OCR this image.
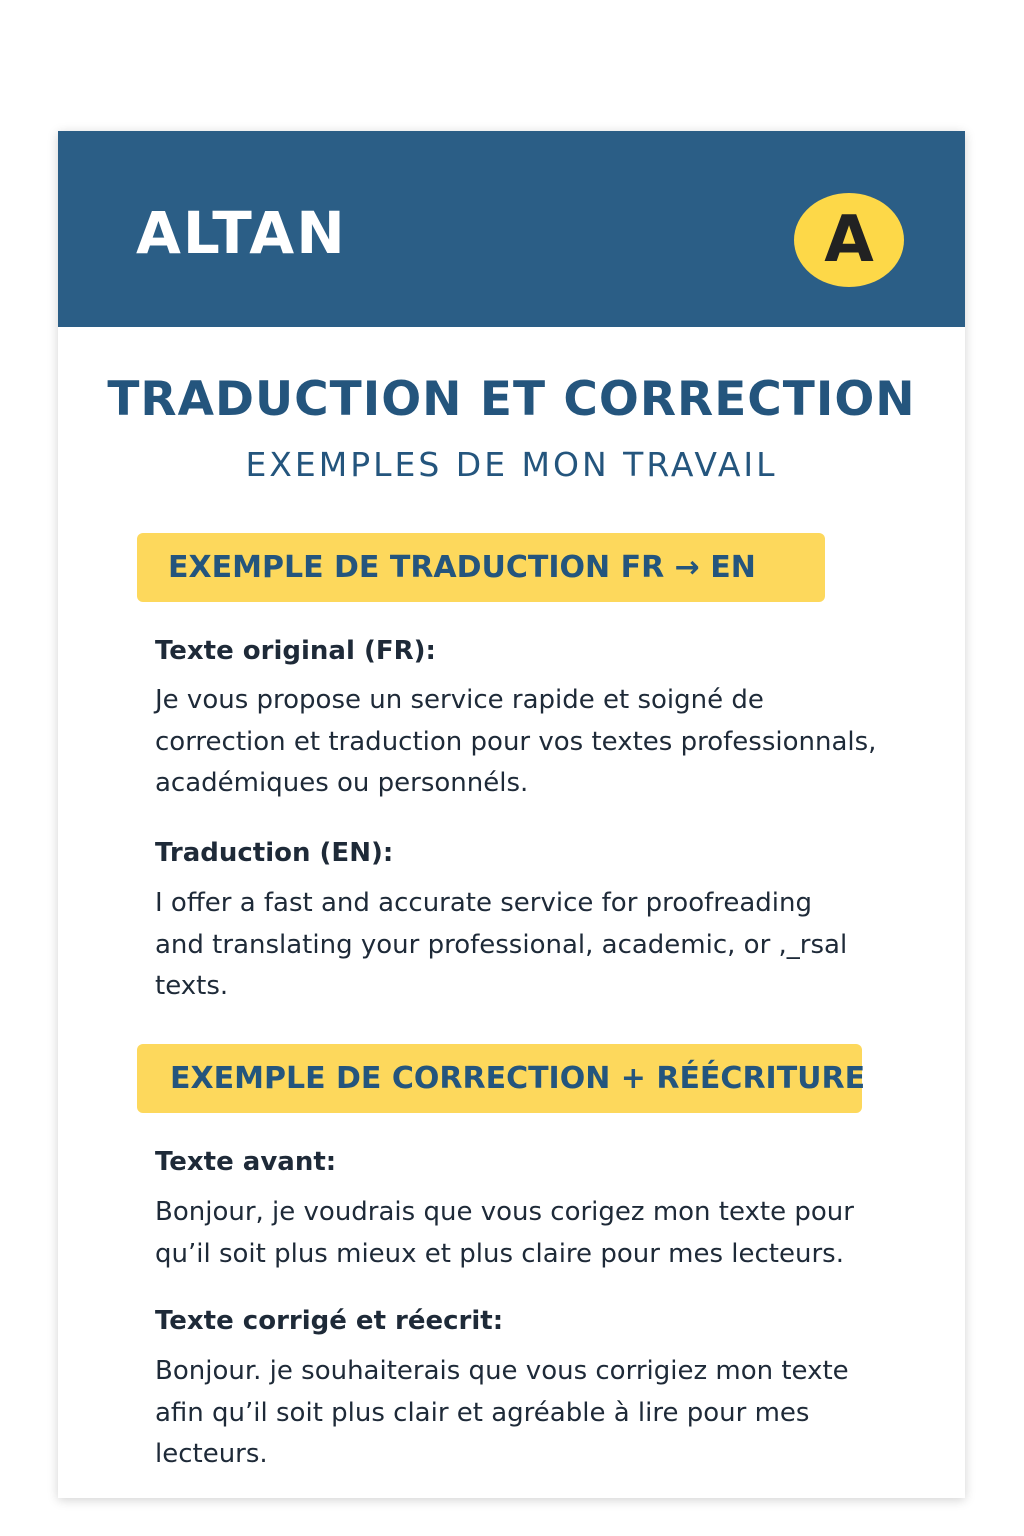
ALTAN	A
TRADUCTION ET CORRECTION
EXEMPLES DE MON TRAVAIL
EXEMPLE DE TRADUCTION FR → EN
Texte original (FR):
Je vous propose un service rapide et soigné de
correction et traduction pour vos textes professionnals,
académiques ou personnéls.
Traduction (EN):
I offer a fast and accurate service for proofreading
and translating your professional, academic, or ,_rsal
texts.
EXEMPLE DE CORRECTION + RÉÉCRITURE
Texte avant:
Bonjour, je voudrais que vous corigez mon texte pour
qu’il soit plus mieux et plus claire pour mes lecteurs.
Texte corrigé et réecrit:
Bonjour. je souhaiterais que vous corrigiez mon texte
afin qu’il soit plus clair et agréable à lire pour mes
lecteurs.
